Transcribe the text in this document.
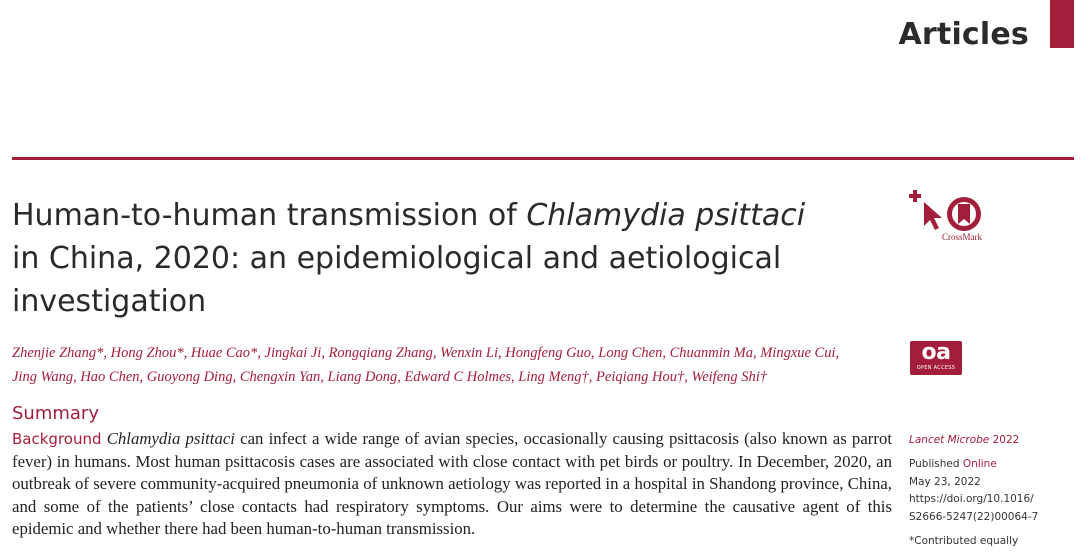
Articles
Human-to-human transmission of Chlamydia psittaci
in China, 2020: an epidemiological and aetiological
investigation
CrossMark
Zhenjie Zhang*, Hong Zhou*, Huae Cao*, Jingkai Ji, Rongqiang Zhang, Wenxin Li, Hongfeng Guo, Long Chen, Chuanmin Ma, Mingxue Cui,
Jing Wang, Hao Chen, Guoyong Ding, Chengxin Yan, Liang Dong, Edward C Holmes, Ling Meng†, Peiqiang Hou†, Weifeng Shi†
oa
OPEN ACCESS
Summary

Background Chlamydia psittaci can infect a wide range of avian species, occasionally causing psittacosis (also known as parrot fever) in humans. Most human psittacosis cases are associated with close contact with pet birds or poultry. In December, 2020, an outbreak of severe community-acquired pneumonia of unknown aetiology was reported in a hospital in Shandong province, China, and some of the patients’ close contacts had respiratory symptoms. Our aims were to determine the causative agent of this epidemic and whether there had been human-to-human transmission.

Lancet Microbe 2022
Published Online
May 23, 2022
https://doi.org/10.1016/
S2666-5247(22)00064-7
*Contributed equally
